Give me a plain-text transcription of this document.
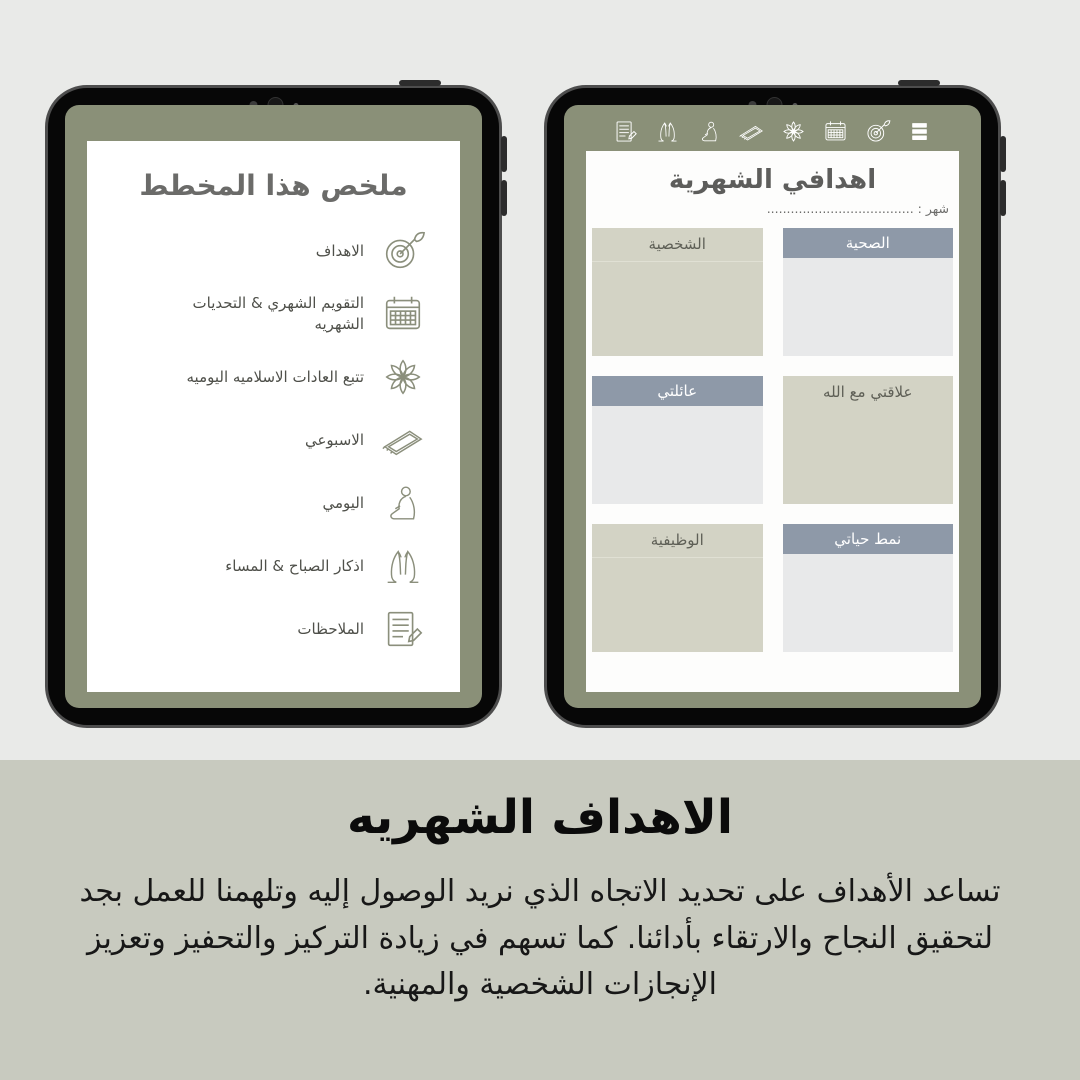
ملخص هذا المخطط
الاهداف
التقويم الشهري & التحديات الشهريه
تتبع العادات الاسلاميه اليوميه
الاسبوعي
اليومي
اذكار الصباح & المساء
الملاحظات
اهدافي الشهرية
شهر : .....................................
الشخصية	الصحية
عائلتي	علاقتي مع الله
الوظيفية	نمط حياتي
الاهداف الشهريه
تساعد الأهداف على تحديد الاتجاه الذي نريد الوصول إليه وتلهمنا للعمل بجد لتحقيق النجاح والارتقاء بأدائنا. كما تسهم في زيادة التركيز والتحفيز وتعزيز الإنجازات الشخصية والمهنية.
